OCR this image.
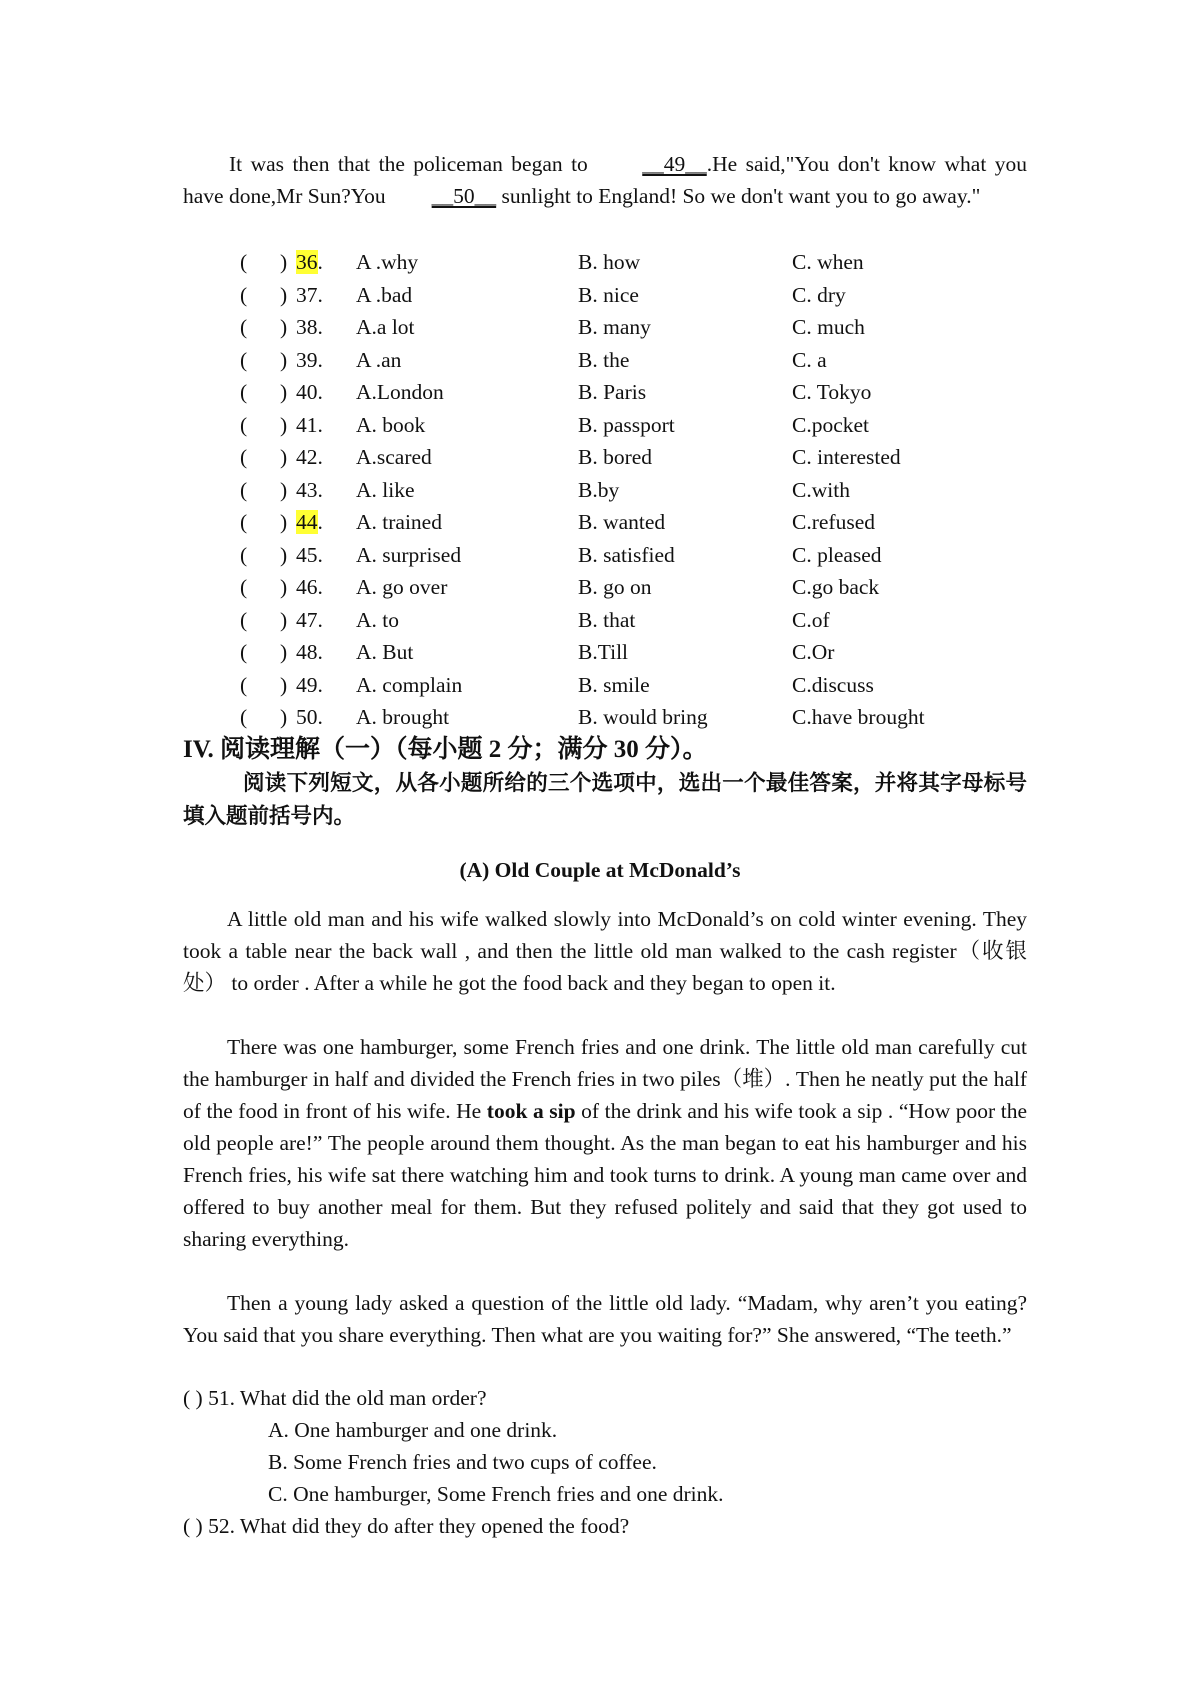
It was then that the policeman began to __49__.He said,"You don't know what you have done,Mr Sun?You __50__ sunlight to England! So we don't want you to go away."

( ) 36. A .why	B. how	C. when
( ) 37. A .bad	B. nice	C. dry
( ) 38. A.a lot	B. many	C. much
( ) 39. A .an	B. the	C. a
( ) 40. A.London	B. Paris	C. Tokyo
( ) 41. A. book	B. passport	C.pocket
( ) 42. A.scared	B. bored	C. interested
( ) 43. A. like	B.by	C.with
( ) 44. A. trained	B. wanted	C.refused
( ) 45. A. surprised	B. satisfied	C. pleased
( ) 46. A. go over	B. go on	C.go back
( ) 47. A. to	B. that	C.of
( ) 48. A. But	B.Till	C.Or
( ) 49. A. complain	B. smile	C.discuss
( ) 50. A. brought	B. would bring	C.have brought

IV. 阅读理解（一）（每小题 2 分；满分 30 分）。

阅读下列短文，从各小题所给的三个选项中，选出一个最佳答案，并将其字母标号填入题前括号内。

(A) Old Couple at McDonald’s

A little old man and his wife walked slowly into McDonald’s on cold winter evening. They took a table near the back wall , and then the little old man walked to the cash register（收银处） to order . After a while he got the food back and they began to open it.

There was one hamburger, some French fries and one drink. The little old man carefully cut the hamburger in half and divided the French fries in two piles（堆）. Then he neatly put the half of the food in front of his wife. He took a sip of the drink and his wife took a sip . “How poor the old people are!” The people around them thought. As the man began to eat his hamburger and his French fries, his wife sat there watching him and took turns to drink. A young man came over and offered to buy another meal for them. But they refused politely and said that they got used to sharing everything.

Then a young lady asked a question of the little old lady. “Madam, why aren’t you eating? You said that you share everything. Then what are you waiting for?” She answered, “The teeth.”

( ) 51. What did the old man order?
A. One hamburger and one drink.
B. Some French fries and two cups of coffee.
C. One hamburger, Some French fries and one drink.
( ) 52. What did they do after they opened the food?
